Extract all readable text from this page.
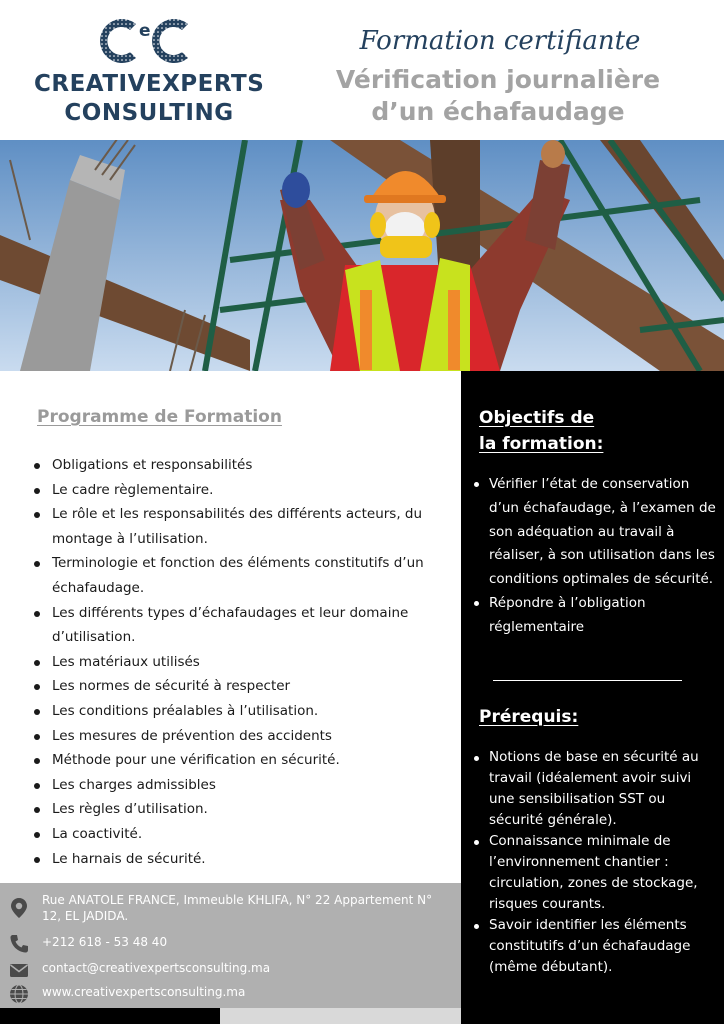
e
CREATIVEXPERTS
CONSULTING
Formation certifiante
Vérification journalière
d’un échafaudage
Programme de Formation
Obligations et responsabilités
Le cadre règlementaire.
Le rôle et les responsabilités des différents acteurs, du montage à l’utilisation.
Terminologie et fonction des éléments constitutifs d’un échafaudage.
Les différents types d’échafaudages et leur domaine d’utilisation.
Les matériaux utilisés
Les normes de sécurité à respecter
Les conditions préalables à l’utilisation.
Les mesures de prévention des accidents
Méthode pour une vérification en sécurité.
Les charges admissibles
Les règles d’utilisation.
La coactivité.
Le harnais de sécurité.
Rue ANATOLE FRANCE, Immeuble KHLIFA, N° 22 Appartement N° 12, EL JADIDA.
+212 618 - 53 48 40
contact@creativexpertsconsulting.ma
www.creativexpertsconsulting.ma
Objectifs de
la formation:
Vérifier l’état de conservation d’un échafaudage, à l’examen de son adéquation au travail à réaliser, à son utilisation dans les conditions optimales de sécurité.
Répondre à l’obligation réglementaire
Prérequis:
Notions de base en sécurité au travail (idéalement avoir suivi une sensibilisation SST ou sécurité générale).
Connaissance minimale de l’environnement chantier : circulation, zones de stockage, risques courants.
Savoir identifier les éléments constitutifs d’un échafaudage (même débutant).
